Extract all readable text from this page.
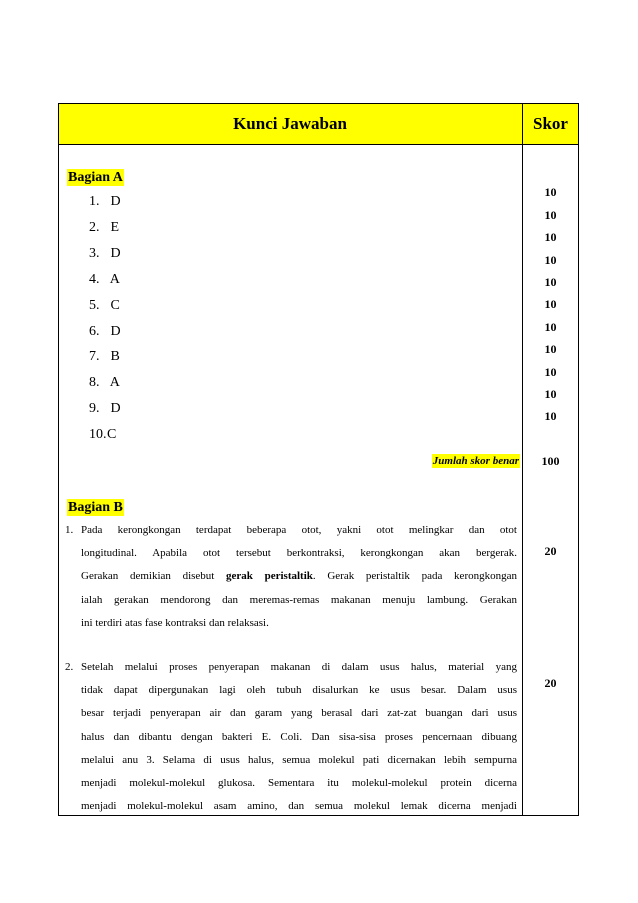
Kunci Jawaban	Skor
Bagian A
1. D
2. E
3. D
4. A
5. C
6. D
7. B
8. A
9. D
10.C
10
10
10
10
10
10
10
10
10
10
10
Jumlah skor benar	100
Bagian B
1. Pada kerongkongan terdapat beberapa otot, yakni otot melingkar dan otot
longitudinal. Apabila otot tersebut berkontraksi, kerongkongan akan bergerak.
Gerakan demikian disebut gerak peristaltik. Gerak peristaltik pada kerongkongan
ialah gerakan mendorong dan meremas-remas makanan menuju lambung. Gerakan
ini terdiri atas fase kontraksi dan relaksasi.
20
2. Setelah melalui proses penyerapan makanan di dalam usus halus, material yang
tidak dapat dipergunakan lagi oleh tubuh disalurkan ke usus besar. Dalam usus
besar terjadi penyerapan air dan garam yang berasal dari zat-zat buangan dari usus
halus dan dibantu dengan bakteri E. Coli. Dan sisa-sisa proses pencernaan dibuang
melalui anu 3. Selama di usus halus, semua molekul pati dicernakan lebih sempurna
menjadi molekul-molekul glukosa. Sementara itu molekul-molekul protein dicerna
menjadi molekul-molekul asam amino, dan semua molekul lemak dicerna menjadi
20
